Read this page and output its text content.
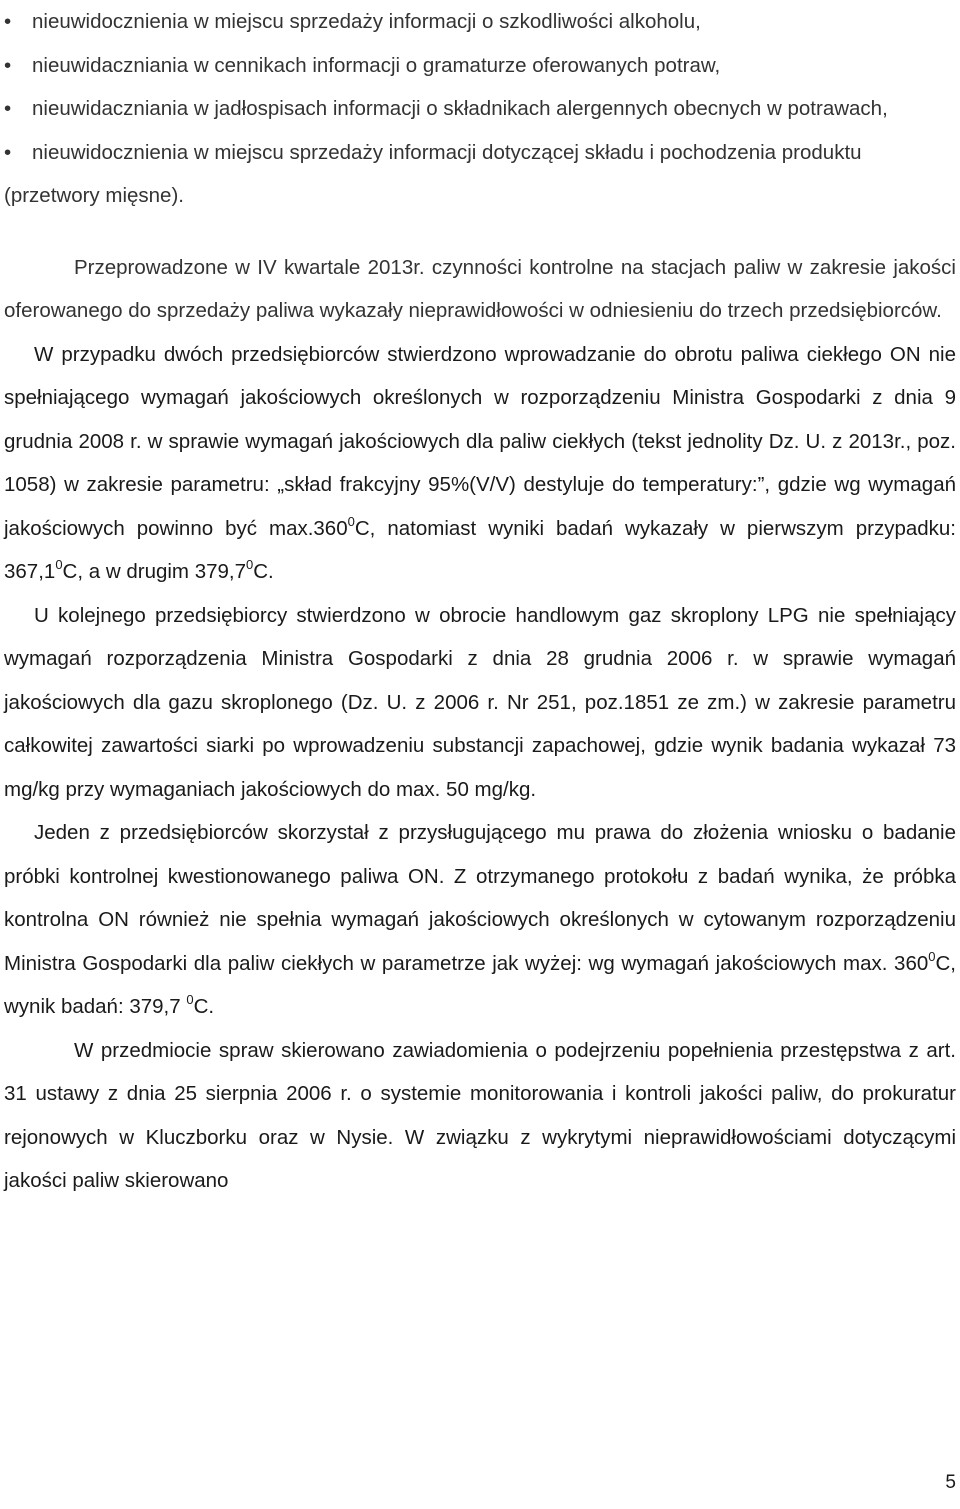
• nieuwidocznienia w miejscu sprzedaży informacji o szkodliwości alkoholu,
• nieuwidaczniania w cennikach informacji o gramaturze oferowanych potraw,
• nieuwidaczniania w jadłospisach informacji o składnikach alergennych obecnych w potrawach,
• nieuwidocznienia w miejscu sprzedaży informacji dotyczącej składu i pochodzenia produktu (przetwory mięsne).

Przeprowadzone w IV kwartale 2013r. czynności kontrolne na stacjach paliw w zakresie jakości oferowanego do sprzedaży paliwa wykazały nieprawidłowości w odniesieniu do trzech przedsiębiorców.

W przypadku dwóch przedsiębiorców stwierdzono wprowadzanie do obrotu paliwa ciekłego ON nie spełniającego wymagań jakościowych określonych w rozporządzeniu Ministra Gospodarki z dnia 9 grudnia 2008 r. w sprawie wymagań jakościowych dla paliw ciekłych (tekst jednolity Dz. U. z 2013r., poz. 1058) w zakresie parametru: „skład frakcyjny 95%(V/V) destyluje do temperatury:”, gdzie wg wymagań jakościowych powinno być max.360$^0$C, natomiast wyniki badań wykazały w pierwszym przypadku: 367,1$^0$C, a w drugim 379,7$^0$C.

U kolejnego przedsiębiorcy stwierdzono w obrocie handlowym gaz skroplony LPG nie spełniający wymagań rozporządzenia Ministra Gospodarki z dnia 28 grudnia 2006 r. w sprawie wymagań jakościowych dla gazu skroplonego (Dz. U. z 2006 r. Nr 251, poz.1851 ze zm.) w zakresie parametru całkowitej zawartości siarki po wprowadzeniu substancji zapachowej, gdzie wynik badania wykazał 73 mg/kg przy wymaganiach jakościowych do max. 50 mg/kg.

Jeden z przedsiębiorców skorzystał z przysługującego mu prawa do złożenia wniosku o badanie próbki kontrolnej kwestionowanego paliwa ON. Z otrzymanego protokołu z badań wynika, że próbka kontrolna ON również nie spełnia wymagań jakościowych określonych w cytowanym rozporządzeniu Ministra Gospodarki dla paliw ciekłych w parametrze jak wyżej: wg wymagań jakościowych max. $360^0C$, wynik badań: 379,7 $^0$C.

W przedmiocie spraw skierowano zawiadomienia o podejrzeniu popełnienia przestępstwa z art. 31 ustawy z dnia 25 sierpnia 2006 r. o systemie monitorowania i kontroli jakości paliw, do prokuratur rejonowych w Kluczborku oraz w Nysie. W związku z wykrytymi nieprawidłowościami dotyczącymi jakości paliw skierowano

5
